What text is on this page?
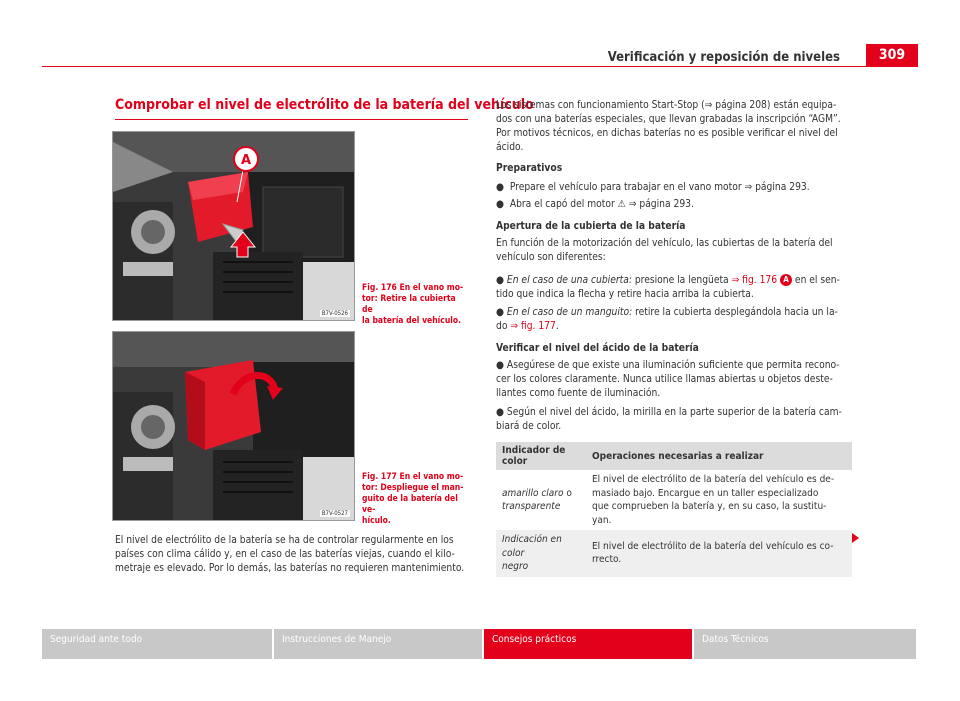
Verificación y reposición de niveles	309
Comprobar el nivel de electrólito de la batería del vehículo
A
B7V-0526
Fig. 176 En el vano mo-
tor: Retire la cubierta de
la batería del vehículo.
B7V-0527
Fig. 177 En el vano mo-
tor: Despliegue el man-
guito de la batería del ve-
hículo.
El nivel de electrólito de la batería se ha de controlar regularmente en los
países con clima cálido y, en el caso de las baterías viejas, cuando el kilo-
metraje es elevado. Por lo demás, las baterías no requieren mantenimiento.
Los sistemas con funcionamiento Start-Stop (⇒ página 208) están equipa-
dos con una baterías especiales, que llevan grabadas la inscripción “AGM”.
Por motivos técnicos, en dichas baterías no es posible verificar el nivel del
ácido.
Preparativos
● Prepare el vehículo para trabajar en el vano motor ⇒ página 293.
● Abra el capó del motor ⚠ ⇒ página 293.
Apertura de la cubierta de la batería
En función de la motorización del vehículo, las cubiertas de la batería del
vehículo son diferentes:
● En el caso de una cubierta: presione la lengüeta ⇒ fig. 176 A en el sen-
tido que indica la flecha y retire hacia arriba la cubierta.
● En el caso de un manguito: retire la cubierta desplegándola hacia un la-
do ⇒ fig. 177.
Verificar el nivel del ácido de la batería
● Asegúrese de que existe una iluminación suficiente que permita recono-
cer los colores claramente. Nunca utilice llamas abiertas u objetos deste-
llantes como fuente de iluminación.
● Según el nivel del ácido, la mirilla en la parte superior de la batería cam-
biará de color.
Indicador de color	Operaciones necesarias a realizar
amarillo claro o
transparente	El nivel de electrólito de la batería del vehículo es de-
masiado bajo. Encargue en un taller especializado
que comprueben la batería y, en su caso, la sustitu-
yan.
Indicación en color
negro	El nivel de electrólito de la batería del vehículo es co-
rrecto.
Seguridad ante todo	Instrucciones de Manejo	Consejos prácticos	Datos Técnicos
